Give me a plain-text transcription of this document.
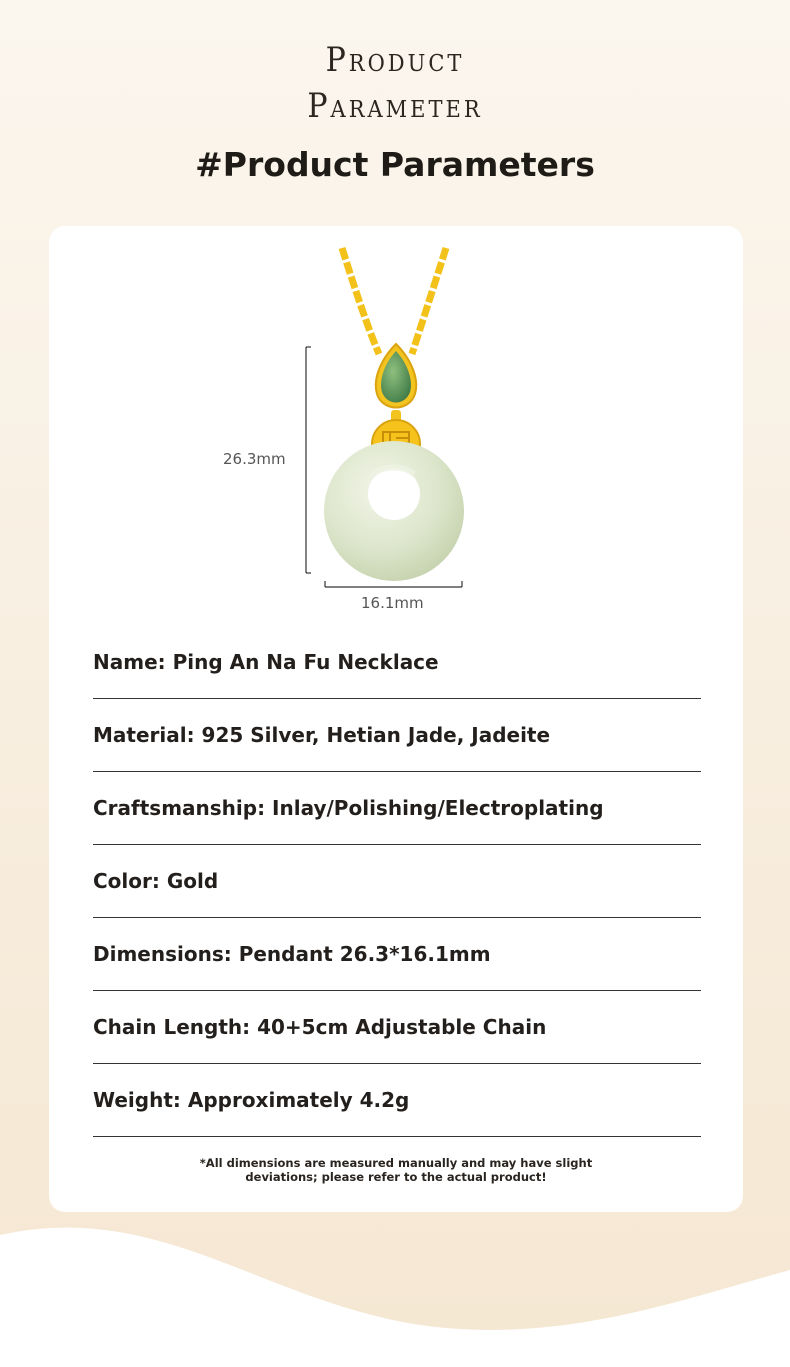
Product
Parameter
#Product Parameters
26.3mm
16.1mm
Name: Ping An Na Fu Necklace
Material: 925 Silver, Hetian Jade, Jadeite
Craftsmanship: Inlay/Polishing/Electroplating
Color: Gold
Dimensions: Pendant 26.3*16.1mm
Chain Length: 40+5cm Adjustable Chain
Weight: Approximately 4.2g
*All dimensions are measured manually and may have slight
deviations; please refer to the actual product!
